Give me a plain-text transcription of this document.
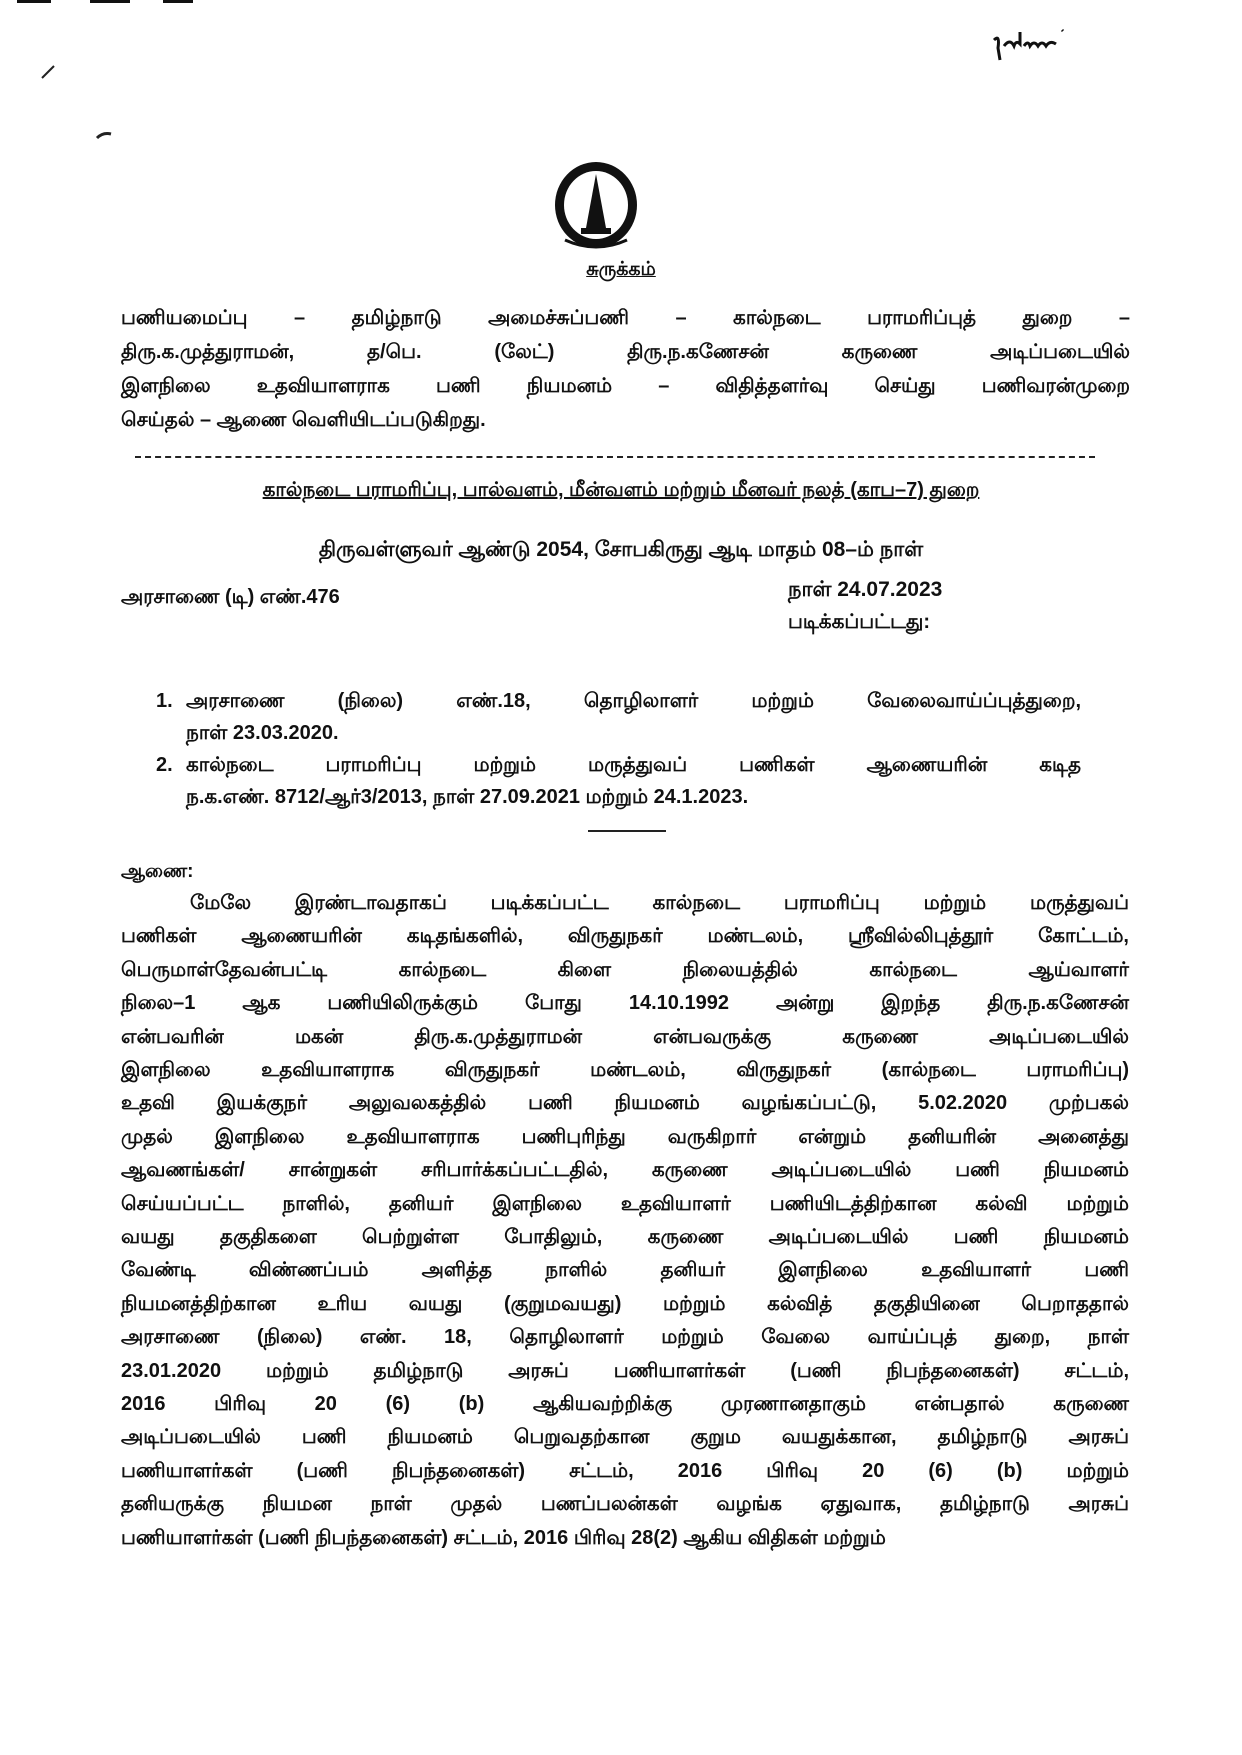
சுருக்கம்
பணியமைப்பு – தமிழ்நாடு அமைச்சுப்பணி – கால்நடை பராமரிப்புத் துறை –
திரு.க.முத்துராமன், த/பெ. (லேட்) திரு.ந.கணேசன் கருணை அடிப்படையில்
இளநிலை உதவியாளராக பணி நியமனம் – விதித்தளர்வு செய்து பணிவரன்முறை
செய்தல் – ஆணை வெளியிடப்படுகிறது.
கால்நடை பராமரிப்பு, பால்வளம், மீன்வளம் மற்றும் மீனவர் நலத் (காப–7) துறை
திருவள்ளுவர் ஆண்டு 2054, சோபகிருது ஆடி மாதம் 08–ம் நாள்
அரசாணை (டி) எண்.476	நாள் 24.07.2023
படிக்கப்பட்டது:
1. அரசாணை (நிலை) எண்.18, தொழிலாளர் மற்றும் வேலைவாய்ப்புத்துறை,
நாள் 23.03.2020.
2. கால்நடை பராமரிப்பு மற்றும் மருத்துவப் பணிகள் ஆணையரின் கடித
ந.க.எண். 8712/ஆர்3/2013, நாள் 27.09.2021 மற்றும் 24.1.2023.
ஆணை:
மேலே இரண்டாவதாகப் படிக்கப்பட்ட கால்நடை பராமரிப்பு மற்றும் மருத்துவப்
பணிகள் ஆணையரின் கடிதங்களில், விருதுநகர் மண்டலம், ஸ்ரீவில்லிபுத்தூர் கோட்டம்,
பெருமாள்தேவன்பட்டி கால்நடை கிளை நிலையத்தில் கால்நடை ஆய்வாளர்
நிலை–1 ஆக பணியிலிருக்கும் போது 14.10.1992 அன்று இறந்த திரு.ந.கணேசன்
என்பவரின் மகன் திரு.க.முத்துராமன் என்பவருக்கு கருணை அடிப்படையில்
இளநிலை உதவியாளராக விருதுநகர் மண்டலம், விருதுநகர் (கால்நடை பராமரிப்பு)
உதவி இயக்குநர் அலுவலகத்தில் பணி நியமனம் வழங்கப்பட்டு, 5.02.2020 முற்பகல்
முதல் இளநிலை உதவியாளராக பணிபுரிந்து வருகிறார் என்றும் தனியரின் அனைத்து
ஆவணங்கள்/ சான்றுகள் சரிபார்க்கப்பட்டதில், கருணை அடிப்படையில் பணி நியமனம்
செய்யப்பட்ட நாளில், தனியர் இளநிலை உதவியாளர் பணியிடத்திற்கான கல்வி மற்றும்
வயது தகுதிகளை பெற்றுள்ள போதிலும், கருணை அடிப்படையில் பணி நியமனம்
வேண்டி விண்ணப்பம் அளித்த நாளில் தனியர் இளநிலை உதவியாளர் பணி
நியமனத்திற்கான உரிய வயது (குறுமவயது) மற்றும் கல்வித் தகுதியினை பெறாததால்
அரசாணை (நிலை) எண். 18, தொழிலாளர் மற்றும் வேலை வாய்ப்புத் துறை, நாள்
23.01.2020 மற்றும் தமிழ்நாடு அரசுப் பணியாளர்கள் (பணி நிபந்தனைகள்) சட்டம்,
2016 பிரிவு 20 (6) (b) ஆகியவற்றிக்கு முரணானதாகும் என்பதால் கருணை
அடிப்படையில் பணி நியமனம் பெறுவதற்கான குறும வயதுக்கான, தமிழ்நாடு அரசுப்
பணியாளர்கள் (பணி நிபந்தனைகள்) சட்டம், 2016 பிரிவு 20 (6) (b) மற்றும்
தனியருக்கு நியமன நாள் முதல் பணப்பலன்கள் வழங்க ஏதுவாக, தமிழ்நாடு அரசுப்
பணியாளர்கள் (பணி நிபந்தனைகள்) சட்டம், 2016 பிரிவு 28(2) ஆகிய விதிகள் மற்றும்
